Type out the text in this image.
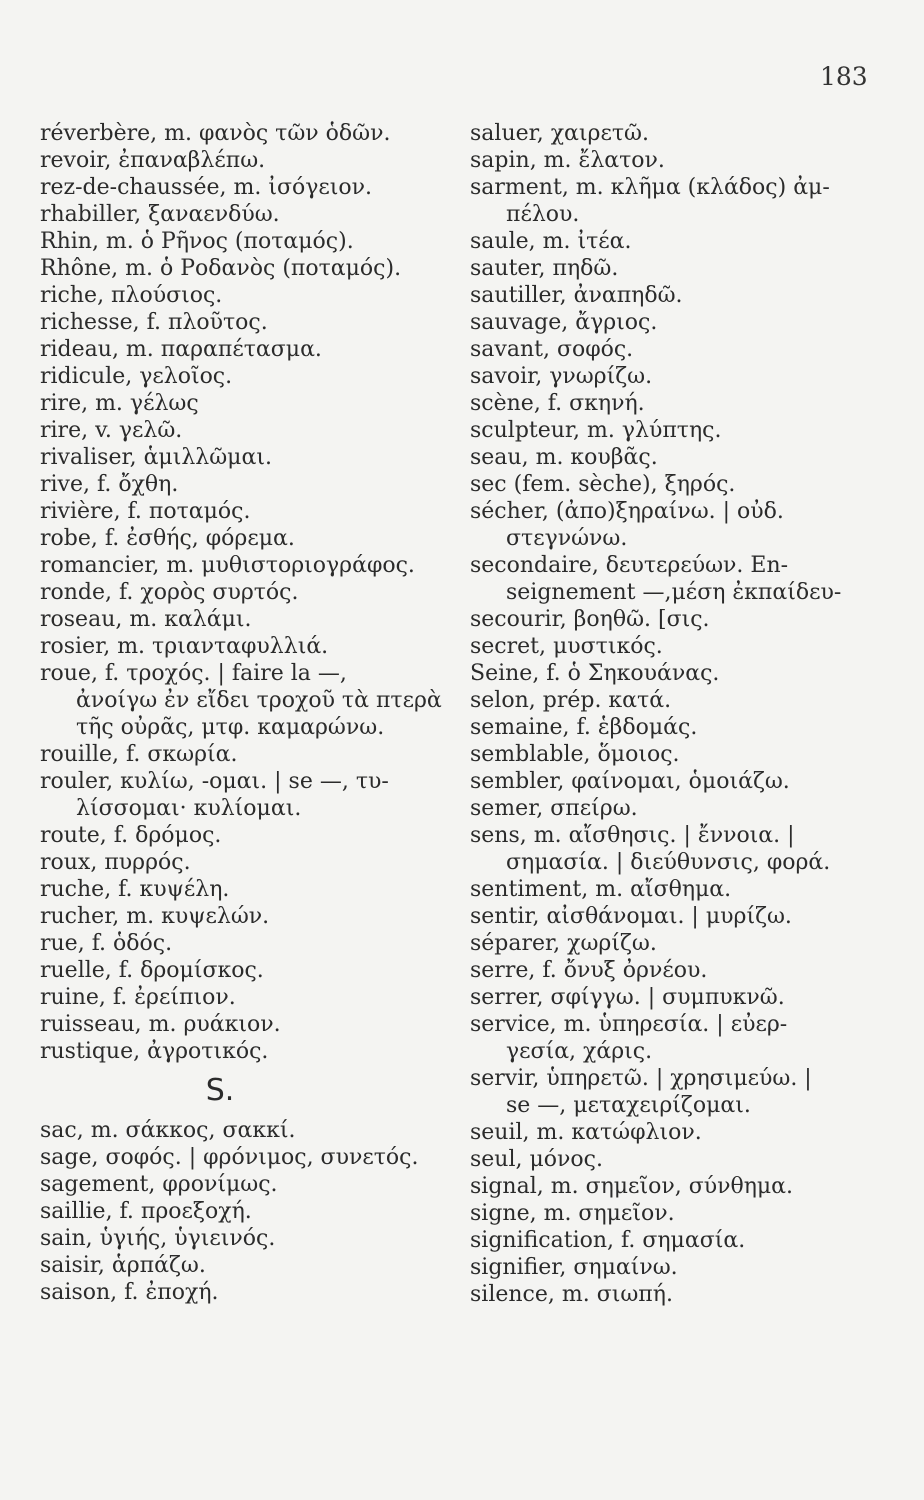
183
réverbère, m. φανὸς τῶν ὁδῶν.
revoir, ἐπαναβλέπω.
rez-de-chaussée, m. ἰσόγειον.
rhabiller, ξαναενδύω.
Rhin, m. ὁ Ρῆνος (ποταμός).
Rhône, m. ὁ Ροδανὸς (ποταμός).
riche, πλούσιος.
richesse, f. πλοῦτος.
rideau, m. παραπέτασμα.
ridicule, γελοῖος.
rire, m. γέλως
rire, v. γελῶ.
rivaliser, ἁμιλλῶμαι.
rive, f. ὄχθη.
rivière, f. ποταμός.
robe, f. ἐσθής, φόρεμα.
romancier, m. μυθιστοριογράφος.
ronde, f. χορὸς συρτός.
roseau, m. καλάμι.
rosier, m. τριανταφυλλιά.
roue, f. τροχός. | faire la —,
ἀνοίγω ἐν εἴδει τροχοῦ τὰ πτερὰ
τῆς οὐρᾶς, μτφ. καμαρώνω.
rouille, f. σκωρία.
rouler, κυλίω, -ομαι. | se —, τυ-
λίσσομαι· κυλίομαι.
route, f. δρόμος.
roux, πυρρός.
ruche, f. κυψέλη.
rucher, m. κυψελών.
rue, f. ὁδός.
ruelle, f. δρομίσκος.
ruine, f. ἐρείπιον.
ruisseau, m. ρυάκιον.
rustique, ἀγροτικός.
S.
sac, m. σάκκος, σακκί.
sage, σοφός. | φρόνιμος, συνετός.
sagement, φρονίμως.
saillie, f. προεξοχή.
sain, ὑγιής, ὑγιεινός.
saisir, ἁρπάζω.
saison, f. ἐποχή.
saluer, χαιρετῶ.
sapin, m. ἔλατον.
sarment, m. κλῆμα (κλάδος) ἀμ-
πέλου.
saule, m. ἰτέα.
sauter, πηδῶ.
sautiller, ἀναπηδῶ.
sauvage, ἄγριος.
savant, σοφός.
savoir, γνωρίζω.
scène, f. σκηνή.
sculpteur, m. γλύπτης.
seau, m. κουβᾶς.
sec (fem. sèche), ξηρός.
sécher, (ἀπο)ξηραίνω. | οὐδ.
στεγνώνω.
secondaire, δευτερεύων. En-
seignement —,μέση ἐκπαίδευ-
secourir, βοηθῶ. [σις.
secret, μυστικός.
Seine, f. ὁ Σηκουάνας.
selon, prép. κατά.
semaine, f. ἑβδομάς.
semblable, ὅμοιος.
sembler, φαίνομαι, ὁμοιάζω.
semer, σπείρω.
sens, m. αἴσθησις. | ἔννοια. |
σημασία. | διεύθυνσις, φορά.
sentiment, m. αἴσθημα.
sentir, αἰσθάνομαι. | μυρίζω.
séparer, χωρίζω.
serre, f. ὄνυξ ὀρνέου.
serrer, σφίγγω. | συμπυκνῶ.
service, m. ὑπηρεσία. | εὐερ-
γεσία, χάρις.
servir, ὑπηρετῶ. | χρησιμεύω. |
se —, μεταχειρίζομαι.
seuil, m. κατώφλιον.
seul, μόνος.
signal, m. σημεῖον, σύνθημα.
signe, m. σημεῖον.
signification, f. σημασία.
signifier, σημαίνω.
silence, m. σιωπή.
